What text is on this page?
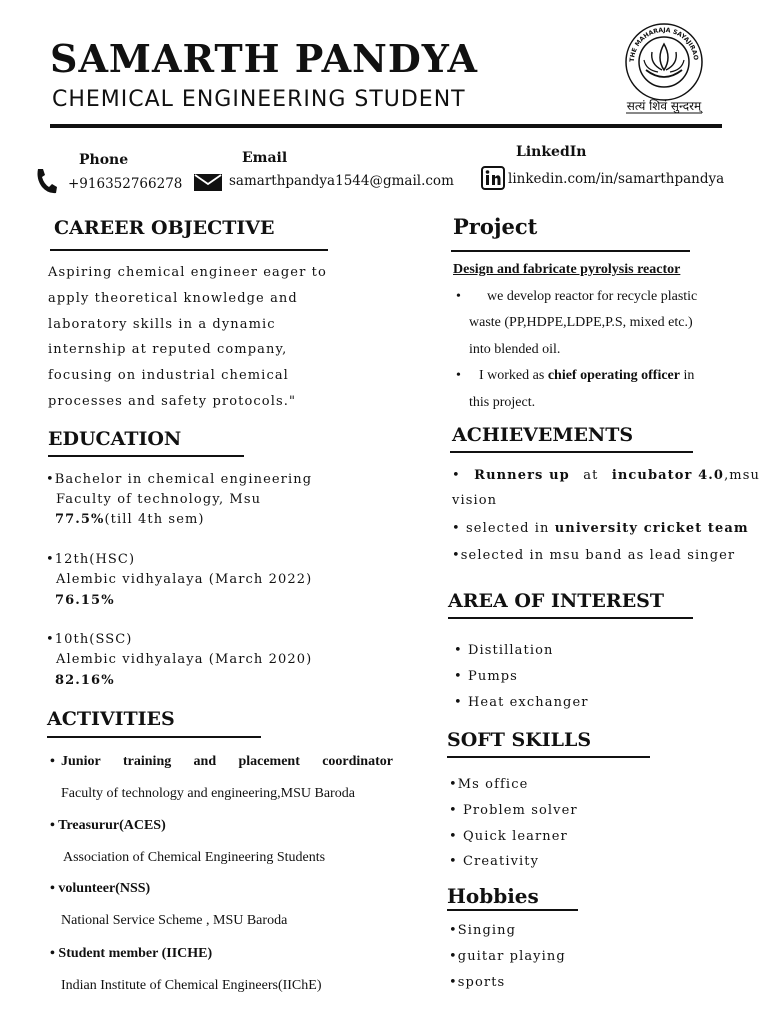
SAMARTH PANDYA
CHEMICAL ENGINEERING STUDENT
THE MAHARAJA SAYAJIRAO
सत्यं शिवं सुन्दरम्
Phone
+916352766278
Email
samarthpandya1544@gmail.com
LinkedIn
linkedin.com/in/samarthpandya
CAREER OBJECTIVE
Aspiring chemical engineer eager to
apply theoretical knowledge and
laboratory skills in a dynamic
internship at reputed company,
focusing on industrial chemical
processes and safety protocols."
EDUCATION
•Bachelor in chemical engineering
Faculty of technology, Msu
77.5%(till 4th sem)
•12th(HSC)
Alembic vidhyalaya (March 2022)
76.15%
•10th(SSC)
Alembic vidhyalaya (March 2020)
82.16%
ACTIVITIES
• Junior training and placement coordinator
Faculty of technology and engineering,MSU Baroda
• Treasurur(ACES)
Association of Chemical Engineering Students
• volunteer(NSS)
National Service Scheme , MSU Baroda
• Student member (IICHE)
Indian Institute of Chemical Engineers(IIChE)
Project
Design and fabricate pyrolysis reactor
• we develop reactor for recycle plastic
waste (PP,HDPE,LDPE,P.S, mixed etc.)
into blended oil.
• I worked as chief operating officer in
this project.
ACHIEVEMENTS
• Runners up at incubator 4.0,msu
vision
• selected in university cricket team
•selected in msu band as lead singer
AREA OF INTEREST
• Distillation
• Pumps
• Heat exchanger
SOFT SKILLS
•Ms office
• Problem solver
• Quick learner
• Creativity
Hobbies
•Singing
•guitar playing
•sports
